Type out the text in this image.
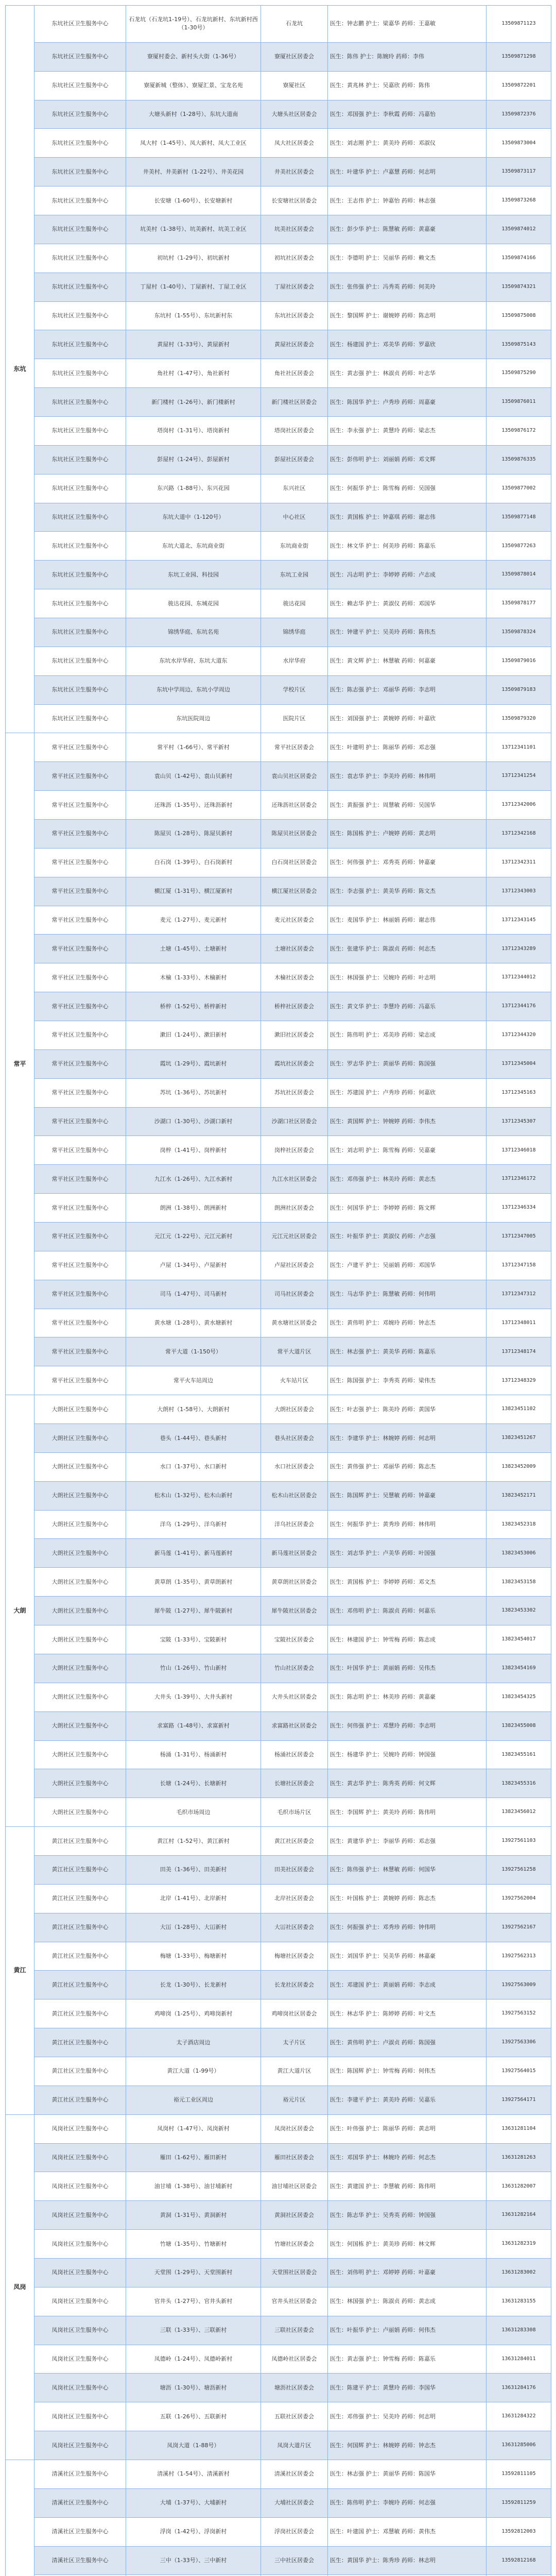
东坑	东坑社区卫生服务中心	石龙坑（石龙坑1-19号）、石龙坑新村、东坑新村西（1-30号）	石龙坑	医生：钟志鹏 护士：梁嘉华 药师：王嘉敏	13509871123
	东坑社区卫生服务中心	寮厦村委会、新村头大街（1-36号）	寮厦社区居委会	医生：陈伟 护士：陈婉玲 药师：李伟	13509871298
	东坑社区卫生服务中心	寮厦新城（整体）、寮厦汇景、宝龙名苑	寮厦社区	医生：黄兆林 护士：吴嘉欣 药师：陈伟	13509872201
	东坑社区卫生服务中心	大塘头新村（1-28号）、东坑大道南	大塘头社区居委会	医生：邓国强 护士：李秋霞 药师：冯嘉怡	13509872376
	东坑社区卫生服务中心	凤大村（1-45号）、凤大新村、凤大工业区	凤大社区居委会	医生：刘志刚 护士：黄美玲 药师：邓淑仪	13509873004
	东坑社区卫生服务中心	井美村、井美新村（1-22号）、井美花园	井美社区居委会	医生：叶建华 护士：卢嘉慧 药师：何志明	13509873117
	东坑社区卫生服务中心	长安塘（1-60号）、长安塘新村	长安塘社区居委会	医生：王志伟 护士：钟嘉怡 药师：林志强	13509873268
	东坑社区卫生服务中心	坑美村（1-38号）、坑美新村、坑美工业区	坑美社区居委会	医生：彭少华 护士：陈慧敏 药师：黄嘉豪	13509874012
	东坑社区卫生服务中心	初坑村（1-29号）、初坑新村	初坑社区居委会	医生：李德明 护士：吴丽华 药师：赖文杰	13509874166
	东坑社区卫生服务中心	丁屋村（1-40号）、丁屋新村、丁屋工业区	丁屋社区居委会	医生：张伟强 护士：冯秀英 药师：何美玲	13509874321
	东坑社区卫生服务中心	东坑村（1-55号）、东坑新村东	东坑社区居委会	医生：黎国辉 护士：谢婉婷 药师：陈志明	13509875008
	东坑社区卫生服务中心	黄屋村（1-33号）、黄屋新村	黄屋社区居委会	医生：杨建国 护士：邓美华 药师：罗嘉欣	13509875143
	东坑社区卫生服务中心	角社村（1-47号）、角社新村	角社社区居委会	医生：黄志强 护士：林淑贞 药师：叶志华	13509875290
	东坑社区卫生服务中心	新门楼村（1-26号）、新门楼新村	新门楼社区居委会	医生：陈国华 护士：卢秀珍 药师：周嘉豪	13509876011
	东坑社区卫生服务中心	塔岗村（1-31号）、塔岗新村	塔岗社区居委会	医生：李永强 护士：黄慧玲 药师：梁志杰	13509876172
	东坑社区卫生服务中心	彭屋村（1-24号）、彭屋新村	彭屋社区居委会	医生：彭伟明 护士：刘丽娟 药师：邓文辉	13509876335
	东坑社区卫生服务中心	东兴路（1-88号）、东兴花园	东兴社区	医生：何振华 护士：陈雪梅 药师：吴国强	13509877002
	东坑社区卫生服务中心	东坑大道中（1-120号）	中心社区	医生：黄国栋 护士：钟嘉琪 药师：谢志伟	13509877148
	东坑社区卫生服务中心	东坑大道北、东坑商业街	东坑商业街	医生：林文华 护士：何美珍 药师：陈嘉乐	13509877263
	东坑社区卫生服务中心	东坑工业园、科技园	东坑工业园	医生：冯志明 护士：李婷婷 药师：卢志成	13509878014
	东坑社区卫生服务中心	骏达花园、东城花园	骏达花园	医生：赖志华 护士：黄淑仪 药师：邓国华	13509878177
	东坑社区卫生服务中心	锦绣华庭、东坑名苑	锦绣华庭	医生：钟建平 护士：吴美玲 药师：陈伟杰	13509878324
	东坑社区卫生服务中心	东坑水岸华府、东坑大道东	水岸华府	医生：黄文辉 护士：林慧敏 药师：何嘉豪	13509879016
	东坑社区卫生服务中心	东坑中学周边、东坑小学周边	学校片区	医生：陈志强 护士：邓丽华 药师：李志明	13509879183
	东坑社区卫生服务中心	东坑医院周边	医院片区	医生：刘国强 护士：黄婉婷 药师：叶嘉欣	13509879320
常平	常平社区卫生服务中心	常平村（1-66号）、常平新村	常平社区居委会	医生：叶建明 护士：陈丽华 药师：邓志强	13712341101
	常平社区卫生服务中心	袁山贝（1-42号）、袁山贝新村	袁山贝社区居委会	医生：袁志华 护士：李美玲 药师：林伟明	13712341254
	常平社区卫生服务中心	还珠沥（1-35号）、还珠沥新村	还珠沥社区居委会	医生：黄振强 护士：周慧敏 药师：吴国华	13712342006
	常平社区卫生服务中心	陈屋贝（1-28号）、陈屋贝新村	陈屋贝社区居委会	医生：陈国栋 护士：卢婉婷 药师：黄志明	13712342168
	常平社区卫生服务中心	白石岗（1-39号）、白石岗新村	白石岗社区居委会	医生：何伟强 护士：邓秀英 药师：钟嘉豪	13712342311
	常平社区卫生服务中心	横江厦（1-31号）、横江厦新村	横江厦社区居委会	医生：李志强 护士：黄美华 药师：陈文杰	13712343003
	常平社区卫生服务中心	麦元（1-27号）、麦元新村	麦元社区居委会	医生：麦国华 护士：林丽娟 药师：谢志伟	13712343145
	常平社区卫生服务中心	土塘（1-45号）、土塘新村	土塘社区居委会	医生：张建华 护士：陈淑贞 药师：何志杰	13712343289
	常平社区卫生服务中心	木棆（1-33号）、木棆新村	木棆社区居委会	医生：林国强 护士：吴婉玲 药师：叶志明	13712344012
	常平社区卫生服务中心	桥梓（1-52号）、桥梓新村	桥梓社区居委会	医生：黄文华 护士：李慧玲 药师：冯嘉乐	13712344176
	常平社区卫生服务中心	漱旧（1-24号）、漱旧新村	漱旧社区居委会	医生：陈伟明 护士：邓美珍 药师：梁志成	13712344320
	常平社区卫生服务中心	霞坑（1-29号）、霞坑新村	霞坑社区居委会	医生：罗志华 护士：黄丽华 药师：陈国强	13712345004
	常平社区卫生服务中心	苏坑（1-36号）、苏坑新村	苏坑社区居委会	医生：苏建国 护士：卢秀珍 药师：何嘉欣	13712345163
	常平社区卫生服务中心	沙湖口（1-30号）、沙湖口新村	沙湖口社区居委会	医生：黄国辉 护士：钟婉婷 药师：李伟杰	13712345307
	常平社区卫生服务中心	岗梓（1-41号）、岗梓新村	岗梓社区居委会	医生：刘志明 护士：陈雪梅 药师：吴嘉豪	13712346018
	常平社区卫生服务中心	九江水（1-26号）、九江水新村	九江水社区居委会	医生：邓伟强 护士：林美玲 药师：黄志杰	13712346172
	常平社区卫生服务中心	朗洲（1-38号）、朗洲新村	朗洲社区居委会	医生：何国华 护士：李婷婷 药师：陈文辉	13712346334
	常平社区卫生服务中心	元江元（1-22号）、元江元新村	元江元社区居委会	医生：叶振华 护士：黄淑仪 药师：卢志强	13712347005
	常平社区卫生服务中心	卢屋（1-34号）、卢屋新村	卢屋社区居委会	医生：卢建平 护士：吴丽娟 药师：邓国华	13712347158
	常平社区卫生服务中心	司马（1-47号）、司马新村	司马社区居委会	医生：马志华 护士：陈慧敏 药师：何伟明	13712347312
	常平社区卫生服务中心	黄水塘（1-28号）、黄水塘新村	黄水塘社区居委会	医生：黄伟明 护士：邓婉玲 药师：钟志杰	13712348011
	常平社区卫生服务中心	常平大道（1-150号）	常平大道片区	医生：林志强 护士：黄美华 药师：陈嘉乐	13712348174
	常平社区卫生服务中心	常平火车站周边	火车站片区	医生：陈国强 护士：李秀英 药师：梁伟杰	13712348329
大朗	大朗社区卫生服务中心	大朗村（1-58号）、大朗新村	大朗社区居委会	医生：叶志强 护士：陈美玲 药师：黄国华	13823451102
	大朗社区卫生服务中心	巷头（1-44号）、巷头新村	巷头社区居委会	医生：李建华 护士：林婉婷 药师：何志明	13823451267
	大朗社区卫生服务中心	水口（1-37号）、水口新村	水口社区居委会	医生：黄伟强 护士：邓丽华 药师：陈志杰	13823452009
	大朗社区卫生服务中心	松木山（1-32号）、松木山新村	松木山社区居委会	医生：陈国辉 护士：吴慧敏 药师：钟嘉豪	13823452171
	大朗社区卫生服务中心	洋乌（1-29号）、洋乌新村	洋乌社区居委会	医生：何振华 护士：黄秀珍 药师：林伟明	13823452318
	大朗社区卫生服务中心	新马莲（1-41号）、新马莲新村	新马莲社区居委会	医生：刘志华 护士：卢美华 药师：叶国强	13823453006
	大朗社区卫生服务中心	黄草朗（1-35号）、黄草朗新村	黄草朗社区居委会	医生：黄国栋 护士：李婷婷 药师：邓文杰	13823453158
	大朗社区卫生服务中心	犀牛陂（1-27号）、犀牛陂新村	犀牛陂社区居委会	医生：邓伟明 护士：陈淑贞 药师：何嘉乐	13823453302
	大朗社区卫生服务中心	宝陂（1-33号）、宝陂新村	宝陂社区居委会	医生：林建国 护士：钟雪梅 药师：陈志成	13823454017
	大朗社区卫生服务中心	竹山（1-26号）、竹山新村	竹山社区居委会	医生：叶国华 护士：黄丽娟 药师：吴伟杰	13823454169
	大朗社区卫生服务中心	大井头（1-39号）、大井头新村	大井头社区居委会	医生：陈志明 护士：林美珍 药师：黄嘉豪	13823454325
	大朗社区卫生服务中心	求富路（1-48号）、求富新村	求富路社区居委会	医生：何伟强 护士：邓慧玲 药师：李志明	13823455008
	大朗社区卫生服务中心	杨涌（1-31号）、杨涌新村	杨涌社区居委会	医生：杨建华 护士：吴婉玲 药师：钟国强	13823455161
	大朗社区卫生服务中心	长塘（1-24号）、长塘新村	长塘社区居委会	医生：黄志华 护士：陈秀英 药师：何文辉	13823455316
	大朗社区卫生服务中心	毛织市场周边	毛织市场片区	医生：李国辉 护士：黄美玲 药师：陈伟明	13823456012
黄江	黄江社区卫生服务中心	黄江村（1-52号）、黄江新村	黄江社区居委会	医生：黄建华 护士：李丽华 药师：邓志强	13927561103
	黄江社区卫生服务中心	田美（1-36号）、田美新村	田美社区居委会	医生：陈伟强 护士：林慧敏 药师：何国华	13927561258
	黄江社区卫生服务中心	北岸（1-41号）、北岸新村	北岸社区居委会	医生：叶国栋 护士：黄婉婷 药师：陈志杰	13927562004
	黄江社区卫生服务中心	大冚（1-28号）、大冚新村	大冚社区居委会	医生：何振强 护士：邓秀珍 药师：钟伟明	13927562167
	黄江社区卫生服务中心	梅塘（1-33号）、梅塘新村	梅塘社区居委会	医生：刘国华 护士：吴美华 药师：林嘉豪	13927562313
	黄江社区卫生服务中心	长龙（1-30号）、长龙新村	长龙社区居委会	医生：邓建国 护士：黄丽娟 药师：李志成	13927563009
	黄江社区卫生服务中心	鸡啼岗（1-25号）、鸡啼岗新村	鸡啼岗社区居委会	医生：林志华 护士：陈婷婷 药师：叶文杰	13927563152
	黄江社区卫生服务中心	太子酒店周边	太子片区	医生：黄伟明 护士：卢淑贞 药师：陈国强	13927563306
	黄江社区卫生服务中心	黄江大道（1-99号）	黄江大道片区	医生：陈国辉 护士：钟雪梅 药师：何伟杰	13927564015
	黄江社区卫生服务中心	裕元工业区周边	裕元片区	医生：李建平 护士：黄美玲 药师：吴嘉乐	13927564171
凤岗	凤岗社区卫生服务中心	凤岗村（1-47号）、凤岗新村	凤岗社区居委会	医生：叶伟强 护士：陈丽华 药师：黄志明	13631281104
	凤岗社区卫生服务中心	雁田（1-62号）、雁田新村	雁田社区居委会	医生：邓国华 护士：林婉玲 药师：何志杰	13631281263
	凤岗社区卫生服务中心	油甘埔（1-38号）、油甘埔新村	油甘埔社区居委会	医生：黄建国 护士：李慧敏 药师：陈伟明	13631282007
	凤岗社区卫生服务中心	黄洞（1-31号）、黄洞新村	黄洞社区居委会	医生：陈志华 护士：吴秀英 药师：钟国强	13631282164
	凤岗社区卫生服务中心	竹塘（1-35号）、竹塘新村	竹塘社区居委会	医生：何国栋 护士：黄美珍 药师：林文辉	13631282319
	凤岗社区卫生服务中心	天堂围（1-29号）、天堂围新村	天堂围社区居委会	医生：刘伟明 护士：邓婷婷 药师：叶嘉豪	13631283002
	凤岗社区卫生服务中心	官井头（1-27号）、官井头新村	官井头社区居委会	医生：林国强 护士：陈淑贞 药师：黄志成	13631283155
	凤岗社区卫生服务中心	三联（1-33号）、三联新村	三联社区居委会	医生：叶振华 护士：卢丽娟 药师：何伟杰	13631283308
	凤岗社区卫生服务中心	凤德岭（1-24号）、凤德岭新村	凤德岭社区居委会	医生：黄志强 护士：钟雪梅 药师：陈嘉乐	13631284011
	凤岗社区卫生服务中心	塘沥（1-30号）、塘沥新村	塘沥社区居委会	医生：陈建平 护士：黄慧玲 药师：李国华	13631284176
	凤岗社区卫生服务中心	五联（1-26号）、五联新村	五联社区居委会	医生：邓伟强 护士：吴美玲 药师：何志明	13631284322
	凤岗社区卫生服务中心	凤岗大道（1-88号）	凤岗大道片区	医生：何国辉 护士：林婉婷 药师：钟志杰	13631285006
	清溪社区卫生服务中心	清溪村（1-54号）、清溪新村	清溪社区居委会	医生：林志强 护士：黄丽华 药师：陈国华	13592811105
	清溪社区卫生服务中心	大埔（1-37号）、大埔新村	大埔社区居委会	医生：陈伟明 护士：李婉玲 药师：何志强	13592811259
	清溪社区卫生服务中心	浮岗（1-42号）、浮岗新村	浮岗社区居委会	医生：叶建国 护士：邓慧敏 药师：黄伟杰	13592812003
	清溪社区卫生服务中心	三中（1-33号）、三中新村	三中社区居委会	医生：黄国华 护士：陈秀珍 药师：林志明	13592812168
